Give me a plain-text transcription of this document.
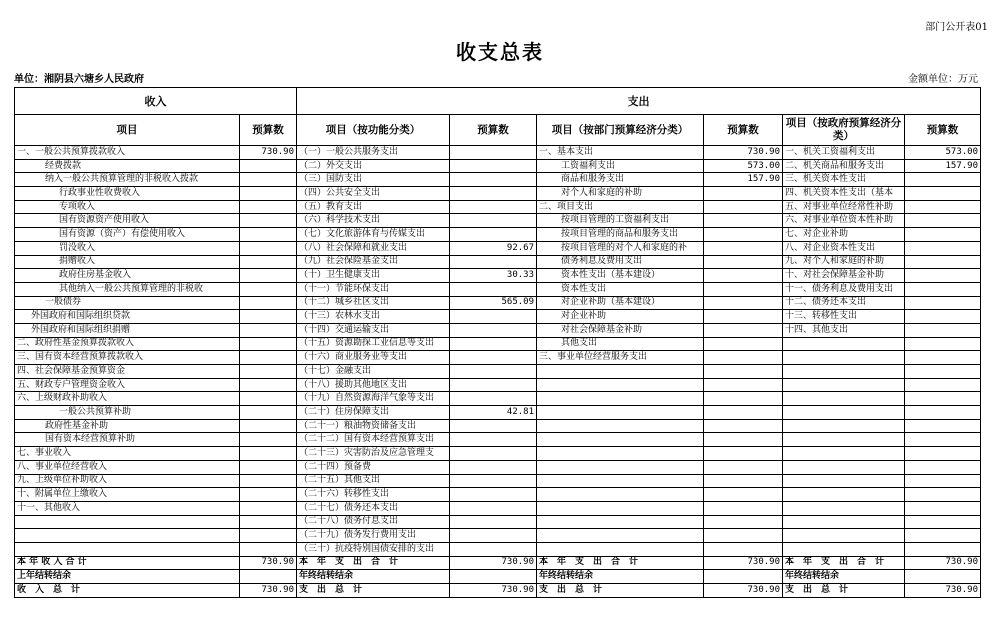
部门公开表01
收支总表
单位：湘阴县六塘乡人民政府	金额单位：万元
收入		支出					
项目	预算数	项目（按功能分类）	预算数	项目（按部门预算经济分类）	预算数	项目（按政府预算经济分类）	预算数
一、一般公共预算拨款收入	730.90	（一）一般公共服务支出		一、基本支出	730.90	一、机关工资福利支出	573.00
经费拨款		（二）外交支出		工资福利支出	573.00	二、机关商品和服务支出	157.90
纳入一般公共预算管理的非税收入拨款		（三）国防支出		商品和服务支出	157.90	三、机关资本性支出	
行政事业性收费收入		（四）公共安全支出		对个人和家庭的补助		四、机关资本性支出（基本	
专项收入		（五）教育支出		二、项目支出		五、对事业单位经常性补助	
国有资源资产使用收入		（六）科学技术支出		按项目管理的工资福利支出		六、对事业单位资本性补助	
国有资源（资产）有偿使用收入		（七）文化旅游体育与传媒支出		按项目管理的商品和服务支出		七、对企业补助	
罚没收入		（八）社会保障和就业支出	92.67	按项目管理的对个人和家庭的补		八、对企业资本性支出	
捐赠收入		（九）社会保险基金支出		债务利息及费用支出		九、对个人和家庭的补助	
政府住房基金收入		（十）卫生健康支出	30.33	资本性支出（基本建设）		十、对社会保障基金补助	
其他纳入一般公共预算管理的非税收		（十一）节能环保支出		资本性支出		十一、债务利息及费用支出	
一般债券		（十二）城乡社区支出	565.09	对企业补助（基本建设）		十二、债务还本支出	
外国政府和国际组织贷款		（十三）农林水支出		对企业补助		十三、转移性支出	
外国政府和国际组织捐赠		（十四）交通运输支出		对社会保障基金补助		十四、其他支出	
二、政府性基金预算拨款收入		（十五）资源勘探工业信息等支出		其他支出			
三、国有资本经营预算拨款收入		（十六）商业服务业等支出		三、事业单位经营服务支出			
四、社会保障基金预算资金		（十七）金融支出					
五、财政专户管理资金收入		（十八）援助其他地区支出					
六、上级财政补助收入		（十九）自然资源海洋气象等支出					
一般公共预算补助		（二十）住房保障支出	42.81				
政府性基金补助		（二十一）粮油物资储备支出					
国有资本经营预算补助		（二十二）国有资本经营预算支出					
七、事业收入		（二十三）灾害防治及应急管理支					
八、事业单位经营收入		（二十四）预备费					
九、上级单位补助收入		（二十五）其他支出					
十、附属单位上缴收入		（二十六）转移性支出					
十一、其他收入		（二十七）债务还本支出					
		（二十八）债务付息支出					
		（二十九）债务发行费用支出					
		（三十）抗疫特别国债安排的支出					
本 年 收 入 合 计	730.90	本　年　支　出　合　计	730.90	本　年　支　出　合　计	730.90	本　年　支　出　合　计	730.90
上年结转结余		年终结转结余		年终结转结余		年终结转结余	
收　入　总　计	730.90	支　出　总　计	730.90	支　出　总　计	730.90	支　出　总　计	730.90
